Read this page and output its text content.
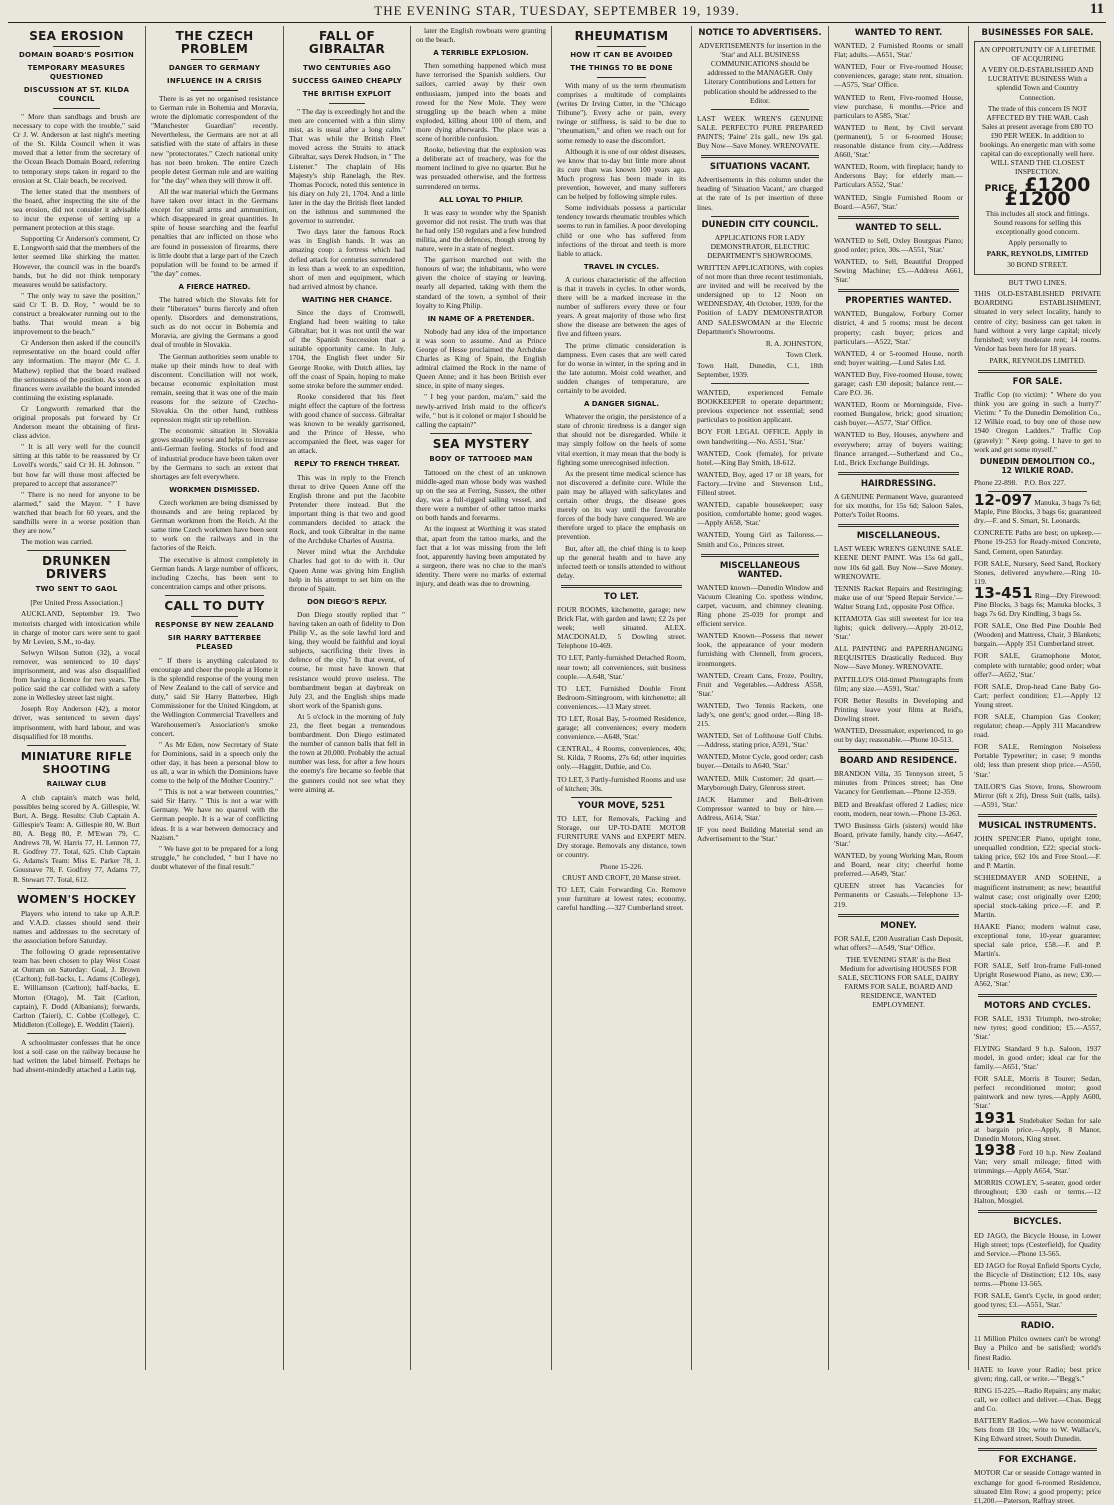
THE EVENING STAR, TUESDAY, SEPTEMBER 19, 1939.	11
SEA EROSION
DOMAIN BOARD'S POSITION
TEMPORARY MEASURES QUESTIONED
DISCUSSION AT ST. KILDA COUNCIL

" More than sandbags and brush are necessary to cope with the trouble," said Cr J. W. Anderson at last night's meeting of the St. Kilda Council when it was moved that a letter from the secretary of the Ocean Beach Domain Board, referring to temporary steps taken in regard to the erosion at St. Clair beach, be received.

The letter stated that the members of the board, after inspecting the site of the sea erosion, did not consider it advisable to incur the expense of setting up a permanent protection at this stage.

Supporting Cr Anderson's comment, Cr E. Longworth said that the members of the letter seemed like shirking the matter. However, the council was in the board's hands, but he did not think temporary measures would be satisfactory.

" The only way to save the position," said Cr T. B. D. Roy, " would be to construct a breakwater running out to the baths. That would mean a big improvement to the beach."

Cr Anderson then asked if the council's representative on the board could offer any information. The mayor (Mr C. J. Mathew) replied that the board realised the seriousness of the position. As soon as finances were available the board intended continuing the existing esplanade.

Cr Longworth remarked that the original proposals put forward by Cr Anderson meant the obtaining of first-class advice.

" It is all very well for the council sitting at this table to be reassured by Cr Lovell's words," said Cr H. H. Johnson. " but how far will those most affected be prepared to accept that assurance?"

" There is no need for anyone to be alarmed," said the Mayor. " I have watched that beach for 60 years, and the sandhills were in a worse position than they are now."

The motion was carried.

DRUNKEN DRIVERS
TWO SENT TO GAOL

[Per United Press Association.]

AUCKLAND, September 19. Two motorists charged with intoxication while in charge of motor cars were sent to gaol by Mr Levien, S.M., to-day.

Selwyn Wilson Sutton (32), a vocal remover, was sentenced to 10 days' imprisonment, and was also disqualified from having a licence for two years. The police said the car collided with a safety zone in Wellesley street last night.

Joseph Roy Anderson (42), a motor driver, was sentenced to seven days' imprisonment, with hard labour, and was disqualified for 18 months.

MINIATURE RIFLE SHOOTING
RAILWAY CLUB

A club captain's match was held, possibles being scored by A. Gillespie, W. Burt, A. Begg. Results: Club Captain A. Gillespie's Team: A. Gillespie 80, W. Burt 80, A. Begg 80, P. M'Ewan 79, C. Andrews 78, W. Harris 77, H. Lennon 77, R. Godfrey 77. Total, 625. Club Captain G. Adams's Team: Miss E. Parker 78, J. Gousnave 78, F. Godfrey 77, Adams 77, R. Stewart 77. Total, 612.

WOMEN'S HOCKEY

Players who intend to take up A.R.P. and V.A.D. classes should send their names and addresses to the secretary of the association before Saturday.

The following O grade representative team has been chosen to play West Coast at Outram on Saturday: Goal, J. Brown (Carlton); full-backs, L. Adams (College), E. Williamson (Carlton); half-backs, E. Morton (Otago), M. Tait (Carlton, captain), F. Dodd (Albanians); forwards, Carlton (Taieri), C. Cobbe (College), C. Middleton (College), E. Wedditt (Taieri).

A schoolmaster confesses that he once lost a soil case on the railway because he had written the label himself. Perhaps he had absent-mindedly attached a Latin tag.

THE CZECH PROBLEM
DANGER TO GERMANY
INFLUENCE IN A CRISIS

There is as yet no organised resistance to German rule in Bohemia and Moravia, wrote the diplomatic correspondent of the "Manchester Guardian" recently. Nevertheless, the Germans are not at all satisfied with the state of affairs in these new "protectorates." Czech national unity has not been broken. The entire Czech people detest German rule and are waiting for "the day" when they will throw it off.

All the war material which the Germans have taken over intact in the Germans except for small arms and ammunition, which disappeared in great quantities. In spite of house searching and the fearful penalties that are inflicted on those who are found in possession of firearms, there is little doubt that a large part of the Czech population will be found to be armed if "the day" comes.

A FIERCE HATRED.

The hatred which the Slovaks felt for their "liberators" burns fiercely and often openly. Disorders and demonstrations, such as do not occur in Bohemia and Moravia, are giving the Germans a good deal of trouble in Slovakia.

The German authorities seem unable to make up their minds how to deal with discontent. Conciliation will not work, because economic exploitation must remain, seeing that it was one of the main reasons for the seizure of Czecho-Slovakia. On the other hand, ruthless repression might stir up rebellion.

The economic situation in Slovakia grows steadily worse and helps to increase anti-German feeling. Stocks of food and of industrial produce have been taken over by the Germans to such an extent that shortages are felt everywhere.

WORKMEN DISMISSED.

Czech workmen are being dismissed by thousands and are being replaced by German workmen from the Reich. At the same time Czech workmen have been sent to work on the railways and in the factories of the Reich.

The executive is almost completely in German hands. A large number of officers, including Czechs, has been sent to concentration camps and other prisons.

CALL TO DUTY
RESPONSE BY NEW ZEALAND
SIR HARRY BATTERBEE PLEASED

" If there is anything calculated to encourage and cheer the people at Home it is the splendid response of the young men of New Zealand to the call of service and duty," said Sir Harry Batterbee, High Commissioner for the United Kingdom, at the Wellington Commercial Travellers and Warehousemen's Association's smoke concert.

" As Mr Eden, now Secretary of State for Dominions, said in a speech only the other day, it has been a personal blow to us all, a war in which the Dominions have come to the help of the Mother Country."

" This is not a war between countries," said Sir Harry. " This is not a war with Germany. We have no quarrel with the German people. It is a war of conflicting ideas. It is a war between democracy and Nazism."

" We have got to be prepared for a long struggle," he concluded, " but I have no doubt whatever of the final result."

FALL OF GIBRALTAR
TWO CENTURIES AGO
SUCCESS GAINED CHEAPLY
THE BRITISH EXPLOIT

" The day is exceedingly hot and the men are concerned with a thin slimy mist, as is usual after a long calm." That was while the British Fleet moved across the Straits to attack Gibraltar, says Derek Hudson, in " The Listener." The chaplain of His Majesty's ship Ranelagh, the Rev. Thomas Pocock, noted this sentence in his diary on July 21, 1704. And a little later in the day the British fleet landed on the isthmus and summoned the governor to surrender.

Two days later the famous Rock was in English hands. It was an amazing coup: a fortress which had defied attack for centuries surrendered in less than a week to an expedition, short of men and equipment, which had arrived almost by chance.

WAITING HER CHANCE.

Since the days of Cromwell, England had been waiting to take Gibraltar; but it was not until the war of the Spanish Succession that a suitable opportunity came. In July, 1704, the English fleet under Sir George Rooke, with Dutch allies, lay off the coast of Spain, hoping to make some stroke before the summer ended.

Rooke considered that his fleet might effect the capture of the fortress with good chance of success. Gibraltar was known to be weakly garrisoned, and the Prince of Hesse, who accompanied the fleet, was eager for an attack.

REPLY TO FRENCH THREAT.

This was in reply to the French threat to drive Queen Anne off the English throne and put the Jacobite Pretender there instead. But the important thing is that two and good commanders decided to attack the Rock, and took Gibraltar in the name of the Archduke Charles of Austria.

Never mind what the Archduke Charles had got to do with it. Our Queen Anne was giving him English help in his attempt to set him on the throne of Spain.

DON DIEGO'S REPLY.

Don Diego stoutly replied that " having taken an oath of fidelity to Don Philip V., as the sole lawful lord and king, they would be faithful and loyal subjects, sacrificing their lives in defence of the city." In that event, of course, he must have known that resistance would prove useless. The bombardment began at daybreak on July 23, and the English ships made short work of the Spanish guns.

At 5 o'clock in the morning of July 23, the fleet began a tremendous bombardment. Don Diego estimated the number of cannon balls that fell in the town at 20,000. Probably the actual number was less, for after a few hours the enemy's fire became so feeble that the gunners could not see what they were aiming at.

later the English rowboats were granting on the beach.

A TERRIBLE EXPLOSION.

Then something happened which must have terrorised the Spanish soldiers. Our sailors, carried away by their own enthusiasm, jumped into the boats and rowed for the New Mole. They were struggling up the beach when a mine exploded, killing about 100 of them, and more dying afterwards. The place was a scene of horrible confusion.

Rooke, believing that the explosion was a deliberate act of treachery, was for the moment inclined to give no quarter. But he was persuaded otherwise, and the fortress surrendered on terms.

ALL LOYAL TO PHILIP.

It was easy to wonder why the Spanish governor did not resist. The truth was that he had only 150 regulars and a few hundred militia, and the defences, though strong by nature, were in a state of neglect.

The garrison marched out with the honours of war; the inhabitants, who were given the choice of staying or leaving, nearly all departed, taking with them the standard of the town, a symbol of their loyalty to King Philip.

IN NAME OF A PRETENDER.

Nobody had any idea of the importance it was soon to assume. And as Prince George of Hesse proclaimed the Archduke Charles as King of Spain, the English admiral claimed the Rock in the name of Queen Anne; and it has been British ever since, in spite of many sieges.

" I beg your pardon, ma'am," said the newly-arrived Irish maid to the officer's wife, " but is it colonel or major I should be calling the captain?"

SEA MYSTERY
BODY OF TATTOOED MAN

Tattooed on the chest of an unknown middle-aged man whose body was washed up on the sea at Ferring, Sussex, the other day, was a full-rigged sailing vessel, and there were a number of other tattoo marks on both hands and forearms.

At the inquest at Worthing it was stated that, apart from the tattoo marks, and the fact that a lot was missing from the left foot, apparently having been amputated by a surgeon, there was no clue to the man's identity. There were no marks of external injury, and death was due to drowning.

RHEUMATISM
HOW IT CAN BE AVOIDED
THE THINGS TO BE DONE

With many of us the term rheumatism comprises a multitude of complaints (writes Dr Irving Cutter, in the "Chicago Tribune"). Every ache or pain, every twinge or stiffness, is said to be due to "rheumatism," and often we reach out for some remedy to ease the discomfort.

Although it is one of our oldest diseases, we know that to-day but little more about its cure than was known 100 years ago. Much progress has been made in its prevention, however, and many sufferers can be helped by following simple rules.

Some individuals possess a particular tendency towards rheumatic troubles which seems to run in families. A poor developing child or one who has suffered from infections of the throat and teeth is more liable to attack.

TRAVEL IN CYCLES.

A curious characteristic of the affection is that it travels in cycles. In other words, there will be a marked increase in the number of sufferers every three or four years. A great majority of those who first show the disease are between the ages of five and fifteen years.

The prime climatic consideration is dampness. Even cases that are well cared for do worse in winter, in the spring and in the late autumn. Moist cold weather, and sudden changes of temperature, are certainly to be avoided.

A DANGER SIGNAL.

Whatever the origin, the persistence of a state of chronic tiredness is a danger sign that should not be disregarded. While it may simply follow on the heels of some vital exertion, it may mean that the body is fighting some unrecognised infection.

As the present time medical science has not discovered a definite cure. While the pain may be allayed with salicylates and certain other drugs, the disease goes merely on its way until the favourable forces of the body have conquered. We are therefore urged to place the emphasis on prevention.

But, after all, the chief thing is to keep up the general health and to have any infected teeth or tonsils attended to without delay.

TO LET.

FOUR ROOMS, kitchenette, garage; new Brick Flat, with garden and lawn; £2 2s per week; well situated. ALEX. MACDONALD, 5 Dowling street. Telephone 10-469.

TO LET, Partly-furnished Detached Room, near town; all conveniences, suit business couple.—A.648, 'Star.'

TO LET, Furnished Double Front Bedroom-Sittingroom, with kitchenette; all conveniences.—13 Mary street.

TO LET, Rosal Bay, 5-roomed Residence, garage; all conveniences; every modern convenience.—A648, 'Star.'

CENTRAL, 4 Rooms, conveniences, 40s; St. Kilda, 7 Rooms, 27s 6d; other inquiries only.—Haggitt, Duthie, and Co.

TO LET, 3 Partly-furnished Rooms and use of kitchen; 30s.

YOUR MOVE, 5251

TO LET, for Removals, Packing and Storage, our UP-TO-DATE MOTOR FURNITURE VANS and EXPERT MEN. Dry storage. Removals any distance, town or country.

Phone 15-226.

CRUST AND CROFT, 20 Manse street.

TO LET, Cain Forwarding Co. Remove your furniture at lowest rates; economy, careful handling.—327 Cumberland street.

NOTICE TO ADVERTISERS.

ADVERTISEMENTS for insertion in the 'Star' and ALL BUSINESS COMMUNICATIONS should be addressed to the MANAGER. Only Literary Contributions and Letters for publication should be addressed to the Editor.

LAST WEEK WREN'S GENUINE SALE. PERFECTO PURE PREPARED PAINTS; 'Paine' 21s gall., new 19s gal. Buy Now—Save Money. WRENOVATE.

SITUATIONS VACANT.

Advertisements in this column under the heading of 'Situation Vacant,' are charged at the rate of 1s per insertion of three lines.

DUNEDIN CITY COUNCIL.

APPLICATIONS FOR LADY DEMONSTRATOR, ELECTRIC DEPARTMENT'S SHOWROOMS.

WRITTEN APPLICATIONS, with copies of not more than three recent testimonials, are invited and will be received by the undersigned up to 12 Noon on WEDNESDAY, 4th October, 1939, for the Position of LADY DEMONSTRATOR AND SALESWOMAN at the Electric Department's Showrooms.

R. A. JOHNSTON,

Town Clerk.

Town Hall, Dunedin, C.1, 18th September, 1939.

WANTED, experienced Female BOOKKEEPER to operate department; previous experience not essential; send particulars to position applicant.

BOY FOR LEGAL OFFICE. Apply in own handwriting.—No. A551, 'Star.'

WANTED, Cook (female), for private hotel.—King Bay Smith, 18-612.

WANTED, Boy, aged 17 or 18 years, for Factory.—Irvine and Stevenson Ltd., Filleul street.

WANTED, capable housekeeper; easy position, comfortable home; good wages.—Apply A658, 'Star.'

WANTED, Young Girl as Tailoress.—Smith and Co., Princes street.

MISCELLANEOUS WANTED.

WANTED known—Dunedin Window and Vacuum Cleaning Co. spotless window, carpet, vacuum, and chimney cleaning. Ring phone 25-039 for prompt and efficient service.

WANTED Known—Possess that newer look, the appearance of your modern furnishing with Clennell, from grocers, ironmongers.

WANTED, Cream Cans, Froze, Poultry, Fruit and Vegetables.—Address A558, 'Star.'

WANTED, Two Tennis Rackets, one lady's, one gent's; good order.—Ring 18-215.

WANTED, Set of Lofthouse Golf Clubs.—Address, stating price, A591, 'Star.'

WANTED, Motor Cycle, good order; cash buyer.—Details to A640, 'Star.'

WANTED, Milk Customer; 2d quart.—Maryborough Dairy, Glenross street.

JACK Hammer and Belt-driven Compressor wanted to buy or hire.—Address, A614, 'Star.'

IF you need Building Material send an Advertisement to the 'Star.'

WANTED TO RENT.

WANTED, 2 Furnished Rooms or small Flat; adults.—A651, 'Star.'

WANTED, Four or Five-roomed House; conveniences, garage; state rent, situation.—A575, 'Star' Office.

WANTED to Rent, Five-roomed House, view purchase, 6 months.—Price and particulars to A585, 'Star.'

WANTED to Rent, by Civil servant (permanent), 5 or 6-roomed House; reasonable distance from city.—Address A660, 'Star.'

WANTED, Room, with fireplace; handy to Andersons Bay; for elderly man.—Particulars A552, 'Star.'

WANTED, Single Furnished Room or Board.—A567, 'Star.'

WANTED TO SELL.

WANTED to Sell, Oxley Bourgeas Piano; good order; price, 30s.—A551, 'Star.'

WANTED, to Sell, Beautiful Dropped Sewing Machine; £5.—Address A661, 'Star.'

PROPERTIES WANTED.

WANTED, Bungalow, Forbury Corner district, 4 and 5 rooms; must be decent property; cash buyer; prices and particulars.—A522, 'Star.'

WANTED, 4 or 5-roomed House, north end; buyer waiting.—Lund Sales Ltd.

WANTED Buy, Five-roomed House, town; garage; cash £30 deposit; balance rent.—Care P.O. 36.

WANTED, Room or Morningside, Five-roomed Bungalow, brick; good situation; cash buyer.—A577, 'Star' Office.

WANTED to Buy, Houses, anywhere and everywhere; array of buyers waiting; finance arranged.—Sutherland and Co., Ltd., Brick Exchange Buildings.

HAIRDRESSING.

A GENUINE Permanent Wave, guaranteed for six months, for 15s 6d; Saloon Sales, Potter's Toilet Rooms.

MISCELLANEOUS.

LAST WEEK WREN'S GENUINE SALE. KEENE DENT PAINT. Was 15s 6d gall., now 10s 6d gall. Buy Now—Save Money. WRENOVATE.

TENNIS Racket Repairs and Restringing; make use of our 'Speed Repair Service.'—Walter Strang Ltd., opposite Post Office.

KITAMOTA Gas still sweetest for ice tea lights; quick delivery.—Apply 20-012, 'Star.'

ALL PAINTING and PAPERHANGING REQUISITES Drastically Reduced. Buy Now—Save Money. WRENOVATE.

PATTILLO'S Old-timed Photographs from film; any size.—A591, 'Star.'

FOR Better Results in Developing and Printing leave your films at Reid's, Dowling street.

WANTED, Dressmaker, experienced, to go out by day; reasonable.—Phone 10-513.

BOARD AND RESIDENCE.

BRANDON Villa, 35 Tennyson street, 5 minutes from Princes street; has One Vacancy for Gentleman.—Phone 12-359.

BED and Breakfast offered 2 Ladies; nice room, modern, near town.—Phone 13-263.

TWO Business Girls (sisters) would like Board, private family, handy city.—A647, 'Star.'

WANTED, by young Working Man, Room and Board, near city; cheerful home preferred.—A649, 'Star.'

QUEEN street has Vacancies for Permanents or Casuals.—Telephone 13-219.

MONEY.

FOR SALE, £200 Australian Cash Deposit, what offers?—A549, 'Star' Office.

THE 'EVENING STAR' is the Best Medium for advertising HOUSES FOR SALE, SECTIONS FOR SALE, DAIRY FARMS FOR SALE, BOARD AND RESIDENCE, WANTED EMPLOYMENT.

BUSINESSES FOR SALE.

AN OPPORTUNITY OF A LIFETIME OF ACQUIRING

A VERY OLD-ESTABLISHED AND LUCRATIVE BUSINESS With a splendid Town and Country Connection.

The trade of this concern IS NOT AFFECTED BY THE WAR. Cash Sales at present average from £80 TO £90 PER WEEK. In addition to bookings. An energetic man with some capital can do exceptionally well here. WILL STAND THE CLOSEST INSPECTION.

PRICE, £1200 £1200

This includes all stock and fittings. Sound reasons for selling this exceptionally good concern.

Apply personally to

PARK, REYNOLDS, LIMITED

30 BOND STREET.

BUT TWO LINES.

THIS OLD-ESTABLISHED PRIVATE BOARDING ESTABLISHMENT, situated in very select locality, handy to centre of city; business can get taken in hand without a very large capital; nicely furnished; very moderate rent; 14 rooms. Vendor has been here for 18 years.

PARK, REYNOLDS LIMITED.

FOR SALE.

Traffic Cop (to victim): " Where do you think you are going in such a hurry?" Victim: " To the Dunedin Demolition Co., 12 Wilkie road, to buy one of those new 1940 Oregon Ladders." Traffic Cop (gravely): " Keep going. I have to get to work and get some myself."

DUNEDIN DEMOLITION CO., 12 WILKIE ROAD.

Phone 22-898. P.O. Box 227.

12-097 Manuka, 3 bags 7s 6d; Maple, Pine Blocks, 3 bags 6s; guaranteed dry.—F. and S. Smart, St. Leonards.

CONCRETE Paths are best; on upkeep.—Phone 19-253 for Ready-mixed Concrete, Sand, Cement, open Saturday.

FOR SALE, Nursery, Seed Sand, Rockery Stones, delivered anywhere.—Ring 10-119.

13-451 Ring—Dry Firewood: Pine Blocks, 3 bags 6s; Manuka blocks, 3 bags 7s 6d. Dry Kindling, 3 bags 5s.

FOR SALE, One Bed Pine Double Bed (Wooden) and Mattress, Chair, 3 Blankets; bargain.—Apply 351 Cumberland street.

FOR SALE, Gramophone Motor, complete with turntable; good order; what offer?—A652, 'Star.'

FOR SALE, Drop-head Cane Baby Go-Cart; perfect condition; £1.—Apply 12 Young street.

FOR SALE, Champion Gas Cooker; regulator; cheap.—Apply 311 Macandrew road.

FOR SALE, Remington Noiseless Portable Typewriter; in case; 9 months old; less than present shop price.—A550, 'Star.'

TAILOR'S Gas Stove, Irons, Showroom Mirror (6ft x 2ft), Dress Suit (talls, tails).—A591, 'Star.'

MUSICAL INSTRUMENTS.

JOHN SPENCER Piano, upright tone, unequalled condition, £22; special stock-taking price, £62 10s and Free Stool.—F. and P. Martin.

SCHIEDMAYER AND SOEHNE, a magnificent instrument; as new; beautiful walnut case; cost originally over £200; special stock-taking price.—F. and P. Martin.

HAAKE Piano; modern walnut case, exceptional tone, 10-year guarantee; special sale price, £58.—F. and P. Martin's.

FOR SALE, Self Iron-frame Full-toned Upright Rosewood Piano, as new; £30.—A562, 'Star.'

MOTORS AND CYCLES.

FOR SALE, 1931 Triumph, two-stroke; new tyres; good condition; £5.—A557, 'Star.'

FLYING Standard 9 h.p. Saloon, 1937 model, in good order; ideal car for the family.—A651, 'Star.'

FOR SALE, Morris 8 Tourer; Sedan, perfect reconditioned motor; good paintwork and new tyres.—Apply A600, 'Star.'

1931 Studebaker Sedan for sale at bargain price.—Apply, 8 Manor, Dunedin Motors, King street.

1938 Ford 10 h.p. New Zealand Van; very small mileage; fitted with trimmings.—Apply A654, 'Star.'

MORRIS COWLEY, 5-seater, good order throughout; £30 cash or terms.—12 Halton, Mosgiel.

BICYCLES.

ED JAGO, the Bicycle House, in Lower High street; tops (Cesterfield), for Quality and Service.—Phone 13-565.

ED JAGO for Royal Enfield Sports Cycle, the Bicycle of Distinction; £12 10s, easy terms.—Phone 13-565.

FOR SALE, Gent's Cycle, in good order; good tyres; £3.—A551, 'Star.'

RADIO.

11 Million Philco owners can't be wrong! Buy a Philco and be satisfied; world's finest Radio.

HATE to leave your Radio; best price given; ring, call, or write.—"Begg's."

RING 15-225.—Radio Repairs; any make; call, we collect and deliver.—Chas. Begg and Co.

BATTERY Radios.—We have economical Sets from £8 10s; write to W. Wallace's, King Edward street, South Dunedin.

FOR EXCHANGE.

MOTOR Car or seaside Cottage wanted in exchange for good 6-roomed Residence, situated Elm Row; a good property; price £1,200.—Paterson, Raffray street.
